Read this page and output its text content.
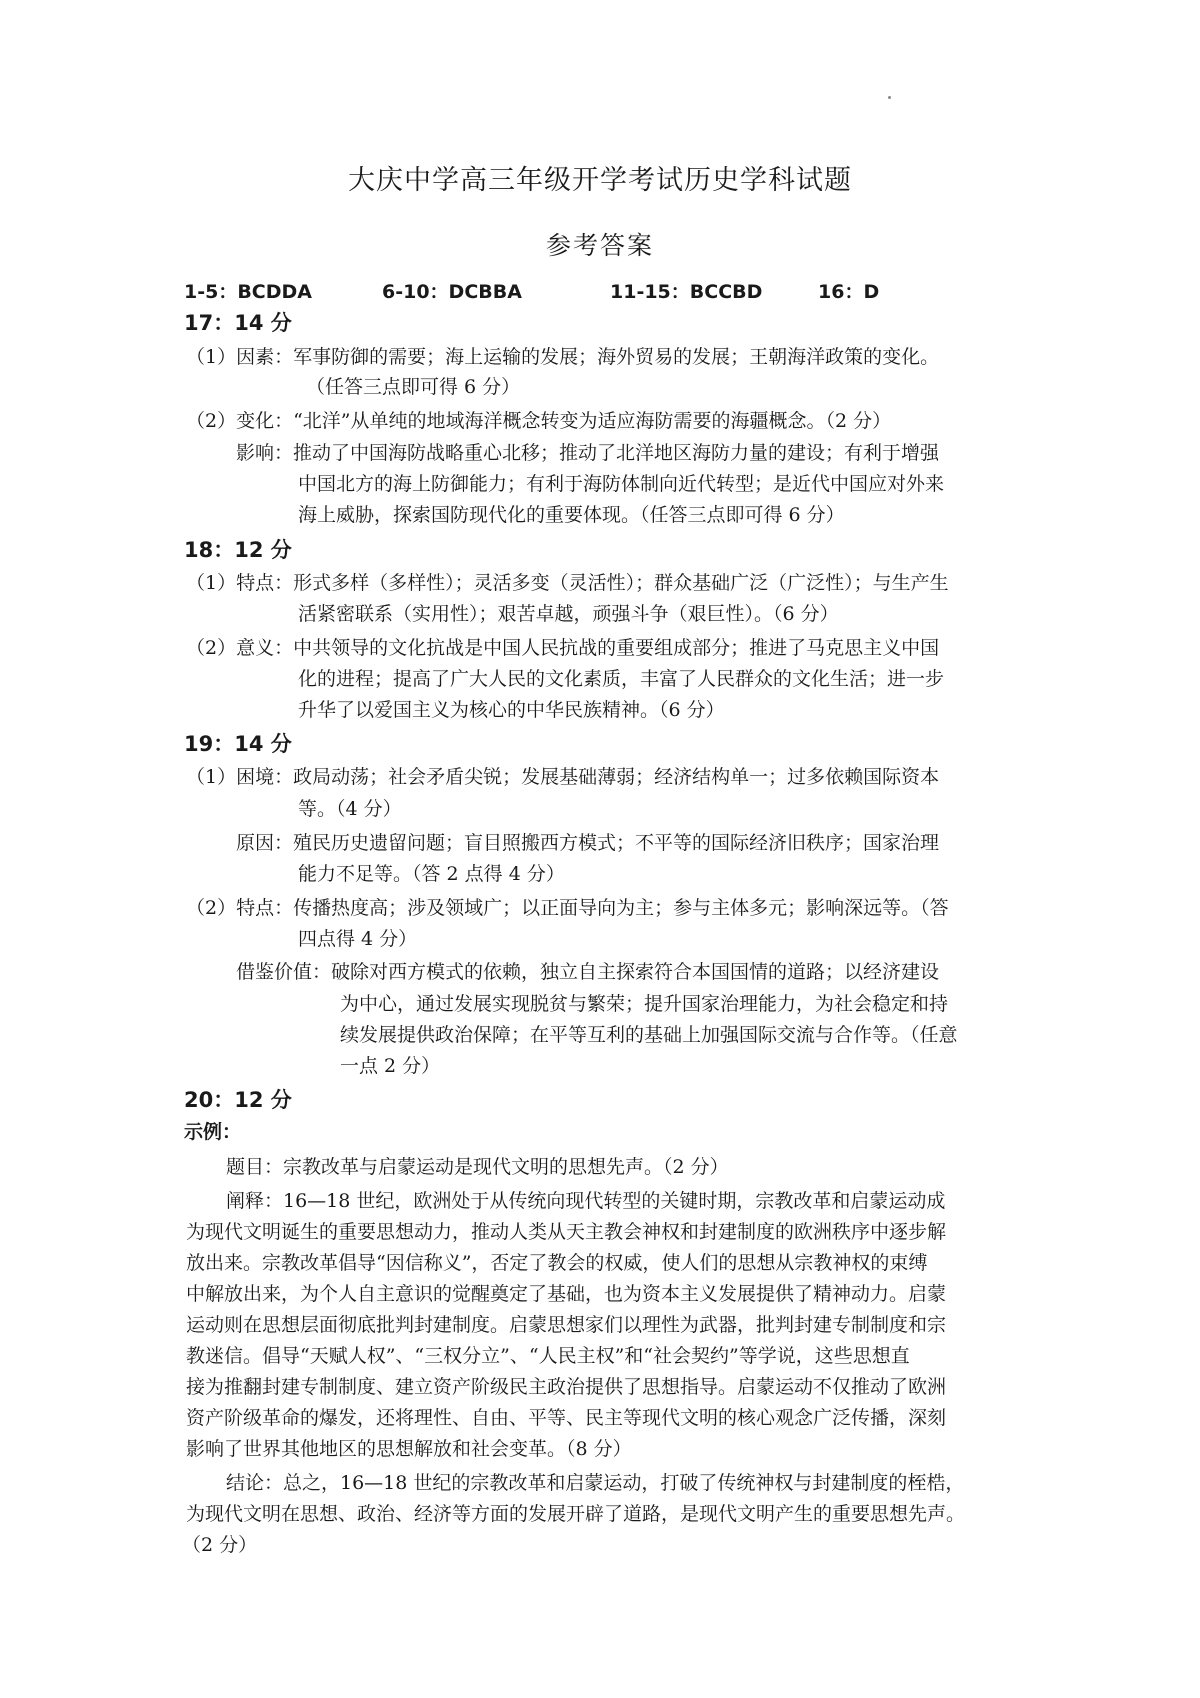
大庆中学高三年级开学考试历史学科试题
参考答案
1-5：BCDDA	6-10：DCBBA	11-15：BCCBD	16：D
17：14 分
（1）因素：军事防御的需要；海上运输的发展；海外贸易的发展；王朝海洋政策的变化。
（任答三点即可得 6 分）
（2）变化：“北洋”从单纯的地域海洋概念转变为适应海防需要的海疆概念。（2 分）
影响：推动了中国海防战略重心北移；推动了北洋地区海防力量的建设；有利于增强
中国北方的海上防御能力；有利于海防体制向近代转型；是近代中国应对外来
海上威胁，探索国防现代化的重要体现。（任答三点即可得 6 分）
18：12 分
（1）特点：形式多样（多样性）；灵活多变（灵活性）；群众基础广泛（广泛性）；与生产生
活紧密联系（实用性）；艰苦卓越，顽强斗争（艰巨性）。（6 分）
（2）意义：中共领导的文化抗战是中国人民抗战的重要组成部分；推进了马克思主义中国
化的进程；提高了广大人民的文化素质，丰富了人民群众的文化生活；进一步
升华了以爱国主义为核心的中华民族精神。（6 分）
19：14 分
（1）困境：政局动荡；社会矛盾尖锐；发展基础薄弱；经济结构单一；过多依赖国际资本
等。（4 分）
原因：殖民历史遗留问题；盲目照搬西方模式；不平等的国际经济旧秩序；国家治理
能力不足等。（答 2 点得 4 分）
（2）特点：传播热度高；涉及领域广；以正面导向为主；参与主体多元；影响深远等。（答
四点得 4 分）
借鉴价值：破除对西方模式的依赖，独立自主探索符合本国国情的道路；以经济建设
为中心，通过发展实现脱贫与繁荣；提升国家治理能力，为社会稳定和持
续发展提供政治保障；在平等互利的基础上加强国际交流与合作等。（任意
一点 2 分）
20：12 分
示例：
题目：宗教改革与启蒙运动是现代文明的思想先声。（2 分）
阐释：16—18 世纪，欧洲处于从传统向现代转型的关键时期，宗教改革和启蒙运动成
为现代文明诞生的重要思想动力，推动人类从天主教会神权和封建制度的欧洲秩序中逐步解
放出来。宗教改革倡导“因信称义”，否定了教会的权威，使人们的思想从宗教神权的束缚
中解放出来，为个人自主意识的觉醒奠定了基础，也为资本主义发展提供了精神动力。启蒙
运动则在思想层面彻底批判封建制度。启蒙思想家们以理性为武器，批判封建专制制度和宗
教迷信。倡导“天赋人权”、“三权分立”、“人民主权”和“社会契约”等学说，这些思想直
接为推翻封建专制制度、建立资产阶级民主政治提供了思想指导。启蒙运动不仅推动了欧洲
资产阶级革命的爆发，还将理性、自由、平等、民主等现代文明的核心观念广泛传播，深刻
影响了世界其他地区的思想解放和社会变革。（8 分）
结论：总之，16—18 世纪的宗教改革和启蒙运动，打破了传统神权与封建制度的桎梏，
为现代文明在思想、政治、经济等方面的发展开辟了道路，是现代文明产生的重要思想先声。
（2 分）
